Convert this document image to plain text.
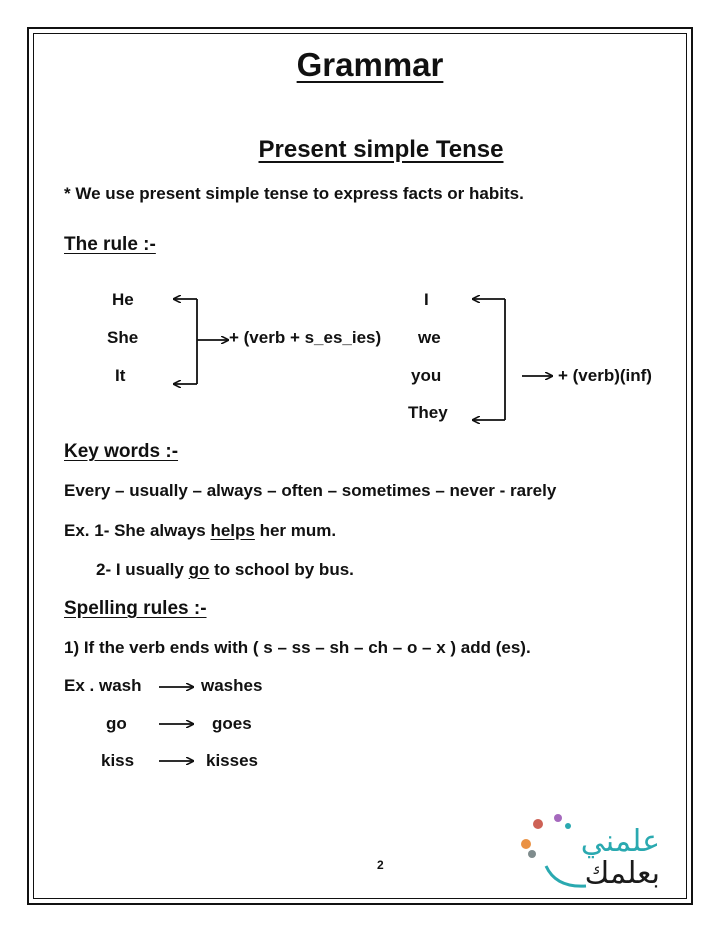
Grammar
Present simple Tense
* We use present simple tense to express facts or habits.
The rule :-
He
She
It
+ (verb + s_es_ies)
I
we
you
They
+ (verb)(inf)
Key words :-
Every – usually – always – often – sometimes – never - rarely
Ex. 1- She always helps her mum.
2- I usually go to school by bus.
Spelling rules :-
1) If the verb ends with ( s – ss – sh – ch – o – x ) add (es).
Ex . wash	washes
go	goes
kiss	kisses
2
علمني
بعلمك
